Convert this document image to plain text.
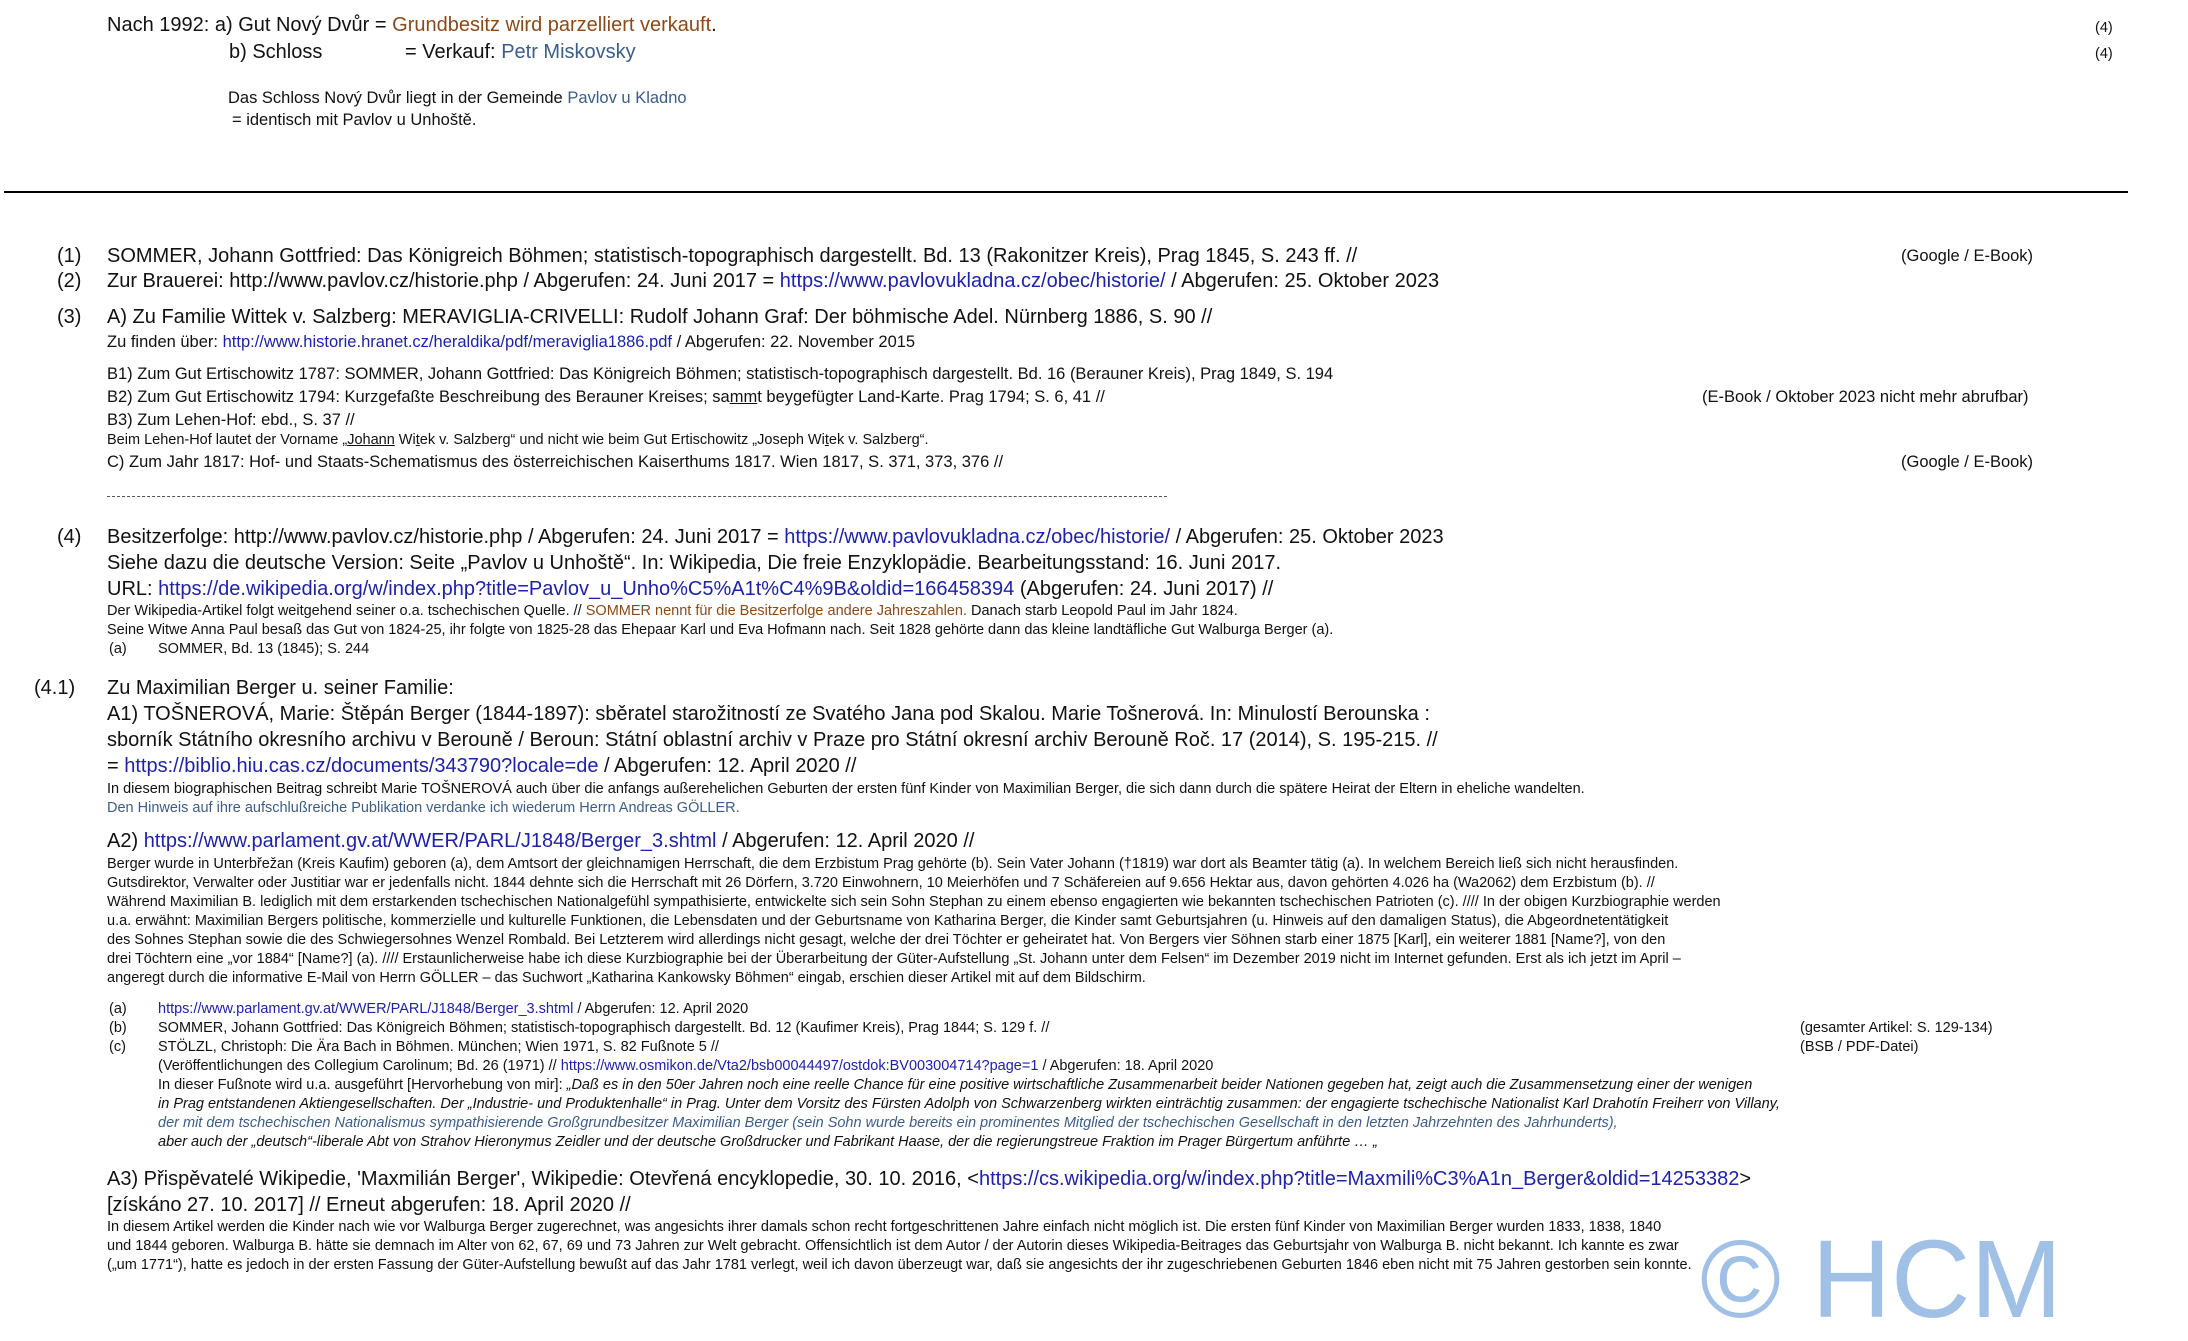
Nach 1992: a) Gut Nový Dvůr = Grundbesitz wird parzelliert verkauft.
b) Schloss	= Verkauf: Petr Miskovsky
(4)
(4)
Das Schloss Nový Dvůr liegt in der Gemeinde Pavlov u Kladno
= identisch mit Pavlov u Unhoště.
(1) SOMMER, Johann Gottfried: Das Königreich Böhmen; statistisch-topographisch dargestellt. Bd. 13 (Rakonitzer Kreis), Prag 1845, S. 243 ff. //	(Google / E-Book)
(2) Zur Brauerei: http://www.pavlov.cz/historie.php / Abgerufen: 24. Juni 2017 = https://www.pavlovukladna.cz/obec/historie/ / Abgerufen: 25. Oktober 2023
(3) A) Zu Familie Wittek v. Salzberg: MERAVIGLIA-CRIVELLI: Rudolf Johann Graf: Der böhmische Adel. Nürnberg 1886, S. 90 //
Zu finden über: http://www.historie.hranet.cz/heraldika/pdf/meraviglia1886.pdf / Abgerufen: 22. November 2015
B1) Zum Gut Ertischowitz 1787: SOMMER, Johann Gottfried: Das Königreich Böhmen; statistisch-topographisch dargestellt. Bd. 16 (Berauner Kreis), Prag 1849, S. 194
B2) Zum Gut Ertischowitz 1794: Kurzgefaßte Beschreibung des Berauner Kreises; sammt beygefügter Land-Karte. Prag 1794; S. 6, 41 //	(E-Book / Oktober 2023 nicht mehr abrufbar)
B3) Zum Lehen-Hof: ebd., S. 37 //
Beim Lehen-Hof lautet der Vorname „Johann Witek v. Salzberg“ und nicht wie beim Gut Ertischowitz „Joseph Witek v. Salzberg“.
C) Zum Jahr 1817: Hof- und Staats-Schematismus des österreichischen Kaiserthums 1817. Wien 1817, S. 371, 373, 376 //	(Google / E-Book)
(4) Besitzerfolge: http://www.pavlov.cz/historie.php / Abgerufen: 24. Juni 2017 = https://www.pavlovukladna.cz/obec/historie/ / Abgerufen: 25. Oktober 2023
Siehe dazu die deutsche Version: Seite „Pavlov u Unhoště“. In: Wikipedia, Die freie Enzyklopädie. Bearbeitungsstand: 16. Juni 2017.
URL: https://de.wikipedia.org/w/index.php?title=Pavlov_u_Unho%C5%A1t%C4%9B&oldid=166458394 (Abgerufen: 24. Juni 2017) //
Der Wikipedia-Artikel folgt weitgehend seiner o.a. tschechischen Quelle. // SOMMER nennt für die Besitzerfolge andere Jahreszahlen. Danach starb Leopold Paul im Jahr 1824.
Seine Witwe Anna Paul besaß das Gut von 1824-25, ihr folgte von 1825-28 das Ehepaar Karl und Eva Hofmann nach. Seit 1828 gehörte dann das kleine landtäfliche Gut Walburga Berger (a).
(a) SOMMER, Bd. 13 (1845); S. 244
(4.1) Zu Maximilian Berger u. seiner Familie:
A1) TOŠNEROVÁ, Marie: Štěpán Berger (1844-1897): sběratel starožitností ze Svatého Jana pod Skalou. Marie Tošnerová. In: Minulostí Berounska :
sborník Státního okresního archivu v Berouně / Beroun: Státní oblastní archiv v Praze pro Státní okresní archiv Berouně Roč. 17 (2014), S. 195-215. //
= https://biblio.hiu.cas.cz/documents/343790?locale=de / Abgerufen: 12. April 2020 //
In diesem biographischen Beitrag schreibt Marie TOŠNEROVÁ auch über die anfangs außerehelichen Geburten der ersten fünf Kinder von Maximilian Berger, die sich dann durch die spätere Heirat der Eltern in eheliche wandelten.
Den Hinweis auf ihre aufschlußreiche Publikation verdanke ich wiederum Herrn Andreas GÖLLER.
A2) https://www.parlament.gv.at/WWER/PARL/J1848/Berger_3.shtml / Abgerufen: 12. April 2020 //
Berger wurde in Unterbřežan (Kreis Kaufim) geboren (a), dem Amtsort der gleichnamigen Herrschaft, die dem Erzbistum Prag gehörte (b). Sein Vater Johann (†1819) war dort als Beamter tätig (a). In welchem Bereich ließ sich nicht herausfinden.
Gutsdirektor, Verwalter oder Justitiar war er jedenfalls nicht. 1844 dehnte sich die Herrschaft mit 26 Dörfern, 3.720 Einwohnern, 10 Meierhöfen und 7 Schäfereien auf 9.656 Hektar aus, davon gehörten 4.026 ha (Wa2062) dem Erzbistum (b). //
Während Maximilian B. lediglich mit dem erstarkenden tschechischen Nationalgefühl sympathisierte, entwickelte sich sein Sohn Stephan zu einem ebenso engagierten wie bekannten tschechischen Patrioten (c). //// In der obigen Kurzbiographie werden
u.a. erwähnt: Maximilian Bergers politische, kommerzielle und kulturelle Funktionen, die Lebensdaten und der Geburtsname von Katharina Berger, die Kinder samt Geburtsjahren (u. Hinweis auf den damaligen Status), die Abgeordnetentätigkeit
des Sohnes Stephan sowie die des Schwiegersohnes Wenzel Rombald. Bei Letzterem wird allerdings nicht gesagt, welche der drei Töchter er geheiratet hat. Von Bergers vier Söhnen starb einer 1875 [Karl], ein weiterer 1881 [Name?], von den
drei Töchtern eine „vor 1884“ [Name?] (a). //// Erstaunlicherweise habe ich diese Kurzbiographie bei der Überarbeitung der Güter-Aufstellung „St. Johann unter dem Felsen“ im Dezember 2019 nicht im Internet gefunden. Erst als ich jetzt im April –
angeregt durch die informative E-Mail von Herrn GÖLLER – das Suchwort „Katharina Kankowsky Böhmen“ eingab, erschien dieser Artikel mit auf dem Bildschirm.
(a) https://www.parlament.gv.at/WWER/PARL/J1848/Berger_3.shtml / Abgerufen: 12. April 2020
(b) SOMMER, Johann Gottfried: Das Königreich Böhmen; statistisch-topographisch dargestellt. Bd. 12 (Kaufimer Kreis), Prag 1844; S. 129 f. //	(gesamter Artikel: S. 129-134)
(c) STÖLZL, Christoph: Die Ära Bach in Böhmen. München; Wien 1971, S. 82 Fußnote 5 //	(BSB / PDF-Datei)
(Veröffentlichungen des Collegium Carolinum; Bd. 26 (1971) // https://www.osmikon.de/Vta2/bsb00044497/ostdok:BV003004714?page=1 / Abgerufen: 18. April 2020
In dieser Fußnote wird u.a. ausgeführt [Hervorhebung von mir]: „Daß es in den 50er Jahren noch eine reelle Chance für eine positive wirtschaftliche Zusammenarbeit beider Nationen gegeben hat, zeigt auch die Zusammensetzung einer der wenigen
in Prag entstandenen Aktiengesellschaften. Der „Industrie- und Produktenhalle“ in Prag. Unter dem Vorsitz des Fürsten Adolph von Schwarzenberg wirkten einträchtig zusammen: der engagierte tschechische Nationalist Karl Drahotín Freiherr von Villany,
der mit dem tschechischen Nationalismus sympathisierende Großgrundbesitzer Maximilian Berger (sein Sohn wurde bereits ein prominentes Mitglied der tschechischen Gesellschaft in den letzten Jahrzehnten des Jahrhunderts),
aber auch der „deutsch“-liberale Abt von Strahov Hieronymus Zeidler und der deutsche Großdrucker und Fabrikant Haase, der die regierungstreue Fraktion im Prager Bürgertum anführte … „
A3) Přispěvatelé Wikipedie, 'Maxmilián Berger', Wikipedie: Otevřená encyklopedie, 30. 10. 2016, <https://cs.wikipedia.org/w/index.php?title=Maxmili%C3%A1n_Berger&oldid=14253382>
[získáno 27. 10. 2017] // Erneut abgerufen: 18. April 2020 //
In diesem Artikel werden die Kinder nach wie vor Walburga Berger zugerechnet, was angesichts ihrer damals schon recht fortgeschrittenen Jahre einfach nicht möglich ist. Die ersten fünf Kinder von Maximilian Berger wurden 1833, 1838, 1840
und 1844 geboren. Walburga B. hätte sie demnach im Alter von 62, 67, 69 und 73 Jahren zur Welt gebracht. Offensichtlich ist dem Autor / der Autorin dieses Wikipedia-Beitrages das Geburtsjahr von Walburga B. nicht bekannt. Ich kannte es zwar
(„um 1771“), hatte es jedoch in der ersten Fassung der Güter-Aufstellung bewußt auf das Jahr 1781 verlegt, weil ich davon überzeugt war, daß sie angesichts der ihr zugeschriebenen Geburten 1846 eben nicht mit 75 Jahren gestorben sein konnte. © HCM
